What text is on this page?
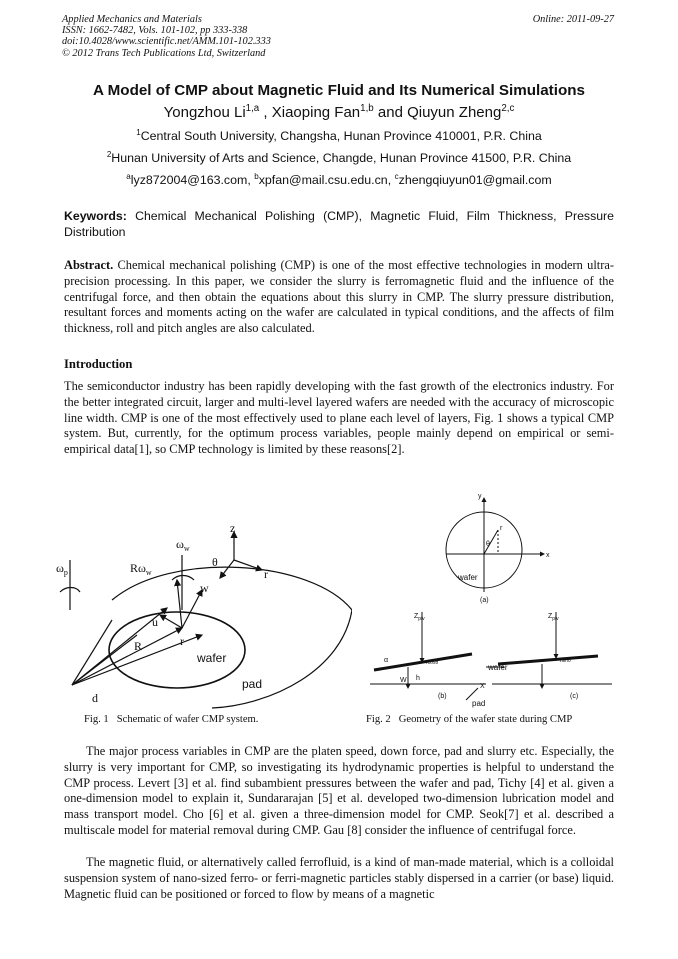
Applied Mechanics and Materials
ISSN: 1662-7482, Vols. 101-102, pp 333-338
doi:10.4028/www.scientific.net/AMM.101-102.333
© 2012 Trans Tech Publications Ltd, Switzerland
Online: 2011-09-27
A Model of CMP about Magnetic Fluid and Its Numerical Simulations
Yongzhou Li$^{1,a}$ , Xiaoping Fan$^{1,b}$ and Qiuyun Zheng$^{2,c}$
$^1$Central South University, Changsha, Hunan Province 410001, P.R. China
$^2$Hunan University of Arts and Science, Changde, Hunan Province 41500, P.R. China
$^a$lyz872004@163.com, $^b$xpfan@mail.csu.edu.cn, $^c$zhengqiuyun01@gmail.com
Keywords: Chemical Mechanical Polishing (CMP), Magnetic Fluid, Film Thickness, Pressure Distribution
Abstract. Chemical mechanical polishing (CMP) is one of the most effective technologies in modern ultra-precision processing. In this paper, we consider the slurry is ferromagnetic fluid and the influence of the centrifugal force, and then obtain the equations about this slurry in CMP. The slurry pressure distribution, resultant forces and moments acting on the wafer are calculated in typical conditions, and the affects of film thickness, roll and pitch angles are also calculated.
Introduction
The semiconductor industry has been rapidly developing with the fast growth of the electronics industry. For the better integrated circuit, larger and multi-level layered wafers are needed with the accuracy of microscopic line width. CMP is one of the most effectively used to plane each level of layers, Fig. 1 shows a typical CMP system. But, currently, for the optimum process variables, people mainly depend on empirical or semi-empirical data[1], so CMP technology is limited by these reasons[2].
$\omega_w$
$R\omega_w$
$\omega_p$
w
u
R	r
wafer
pad
d
z
θ
r
y
x
wafer
(a)
$Z_{piv}$	$Z_{piv}$
W
wafer
pad
X
(b)	(c)
r
θ
rcosθ	rsinθ
α
h
Fig. 1 Schematic of wafer CMP system.	Fig. 2 Geometry of the wafer state during CMP
The major process variables in CMP are the platen speed, down force, pad and slurry etc. Especially, the slurry is very important for CMP, so investigating its hydrodynamic properties is helpful to understand the CMP process. Levert [3] et al. find subambient pressures between the wafer and pad, Tichy [4] et al. given a one-dimension model to explain it, Sundararajan [5] et al. developed two-dimension lubrication model and mass transport model. Cho [6] et al. given a three-dimension model for CMP. Seok[7] et al. described a multiscale model for material removal during CMP. Gau [8] consider the influence of centrifugal force.
The magnetic fluid, or alternatively called ferrofluid, is a kind of man-made material, which is a colloidal suspension system of nano-sized ferro- or ferri-magnetic particles stably dispersed in a carrier (or base) liquid. Magnetic fluid can be positioned or forced to flow by means of a magnetic
